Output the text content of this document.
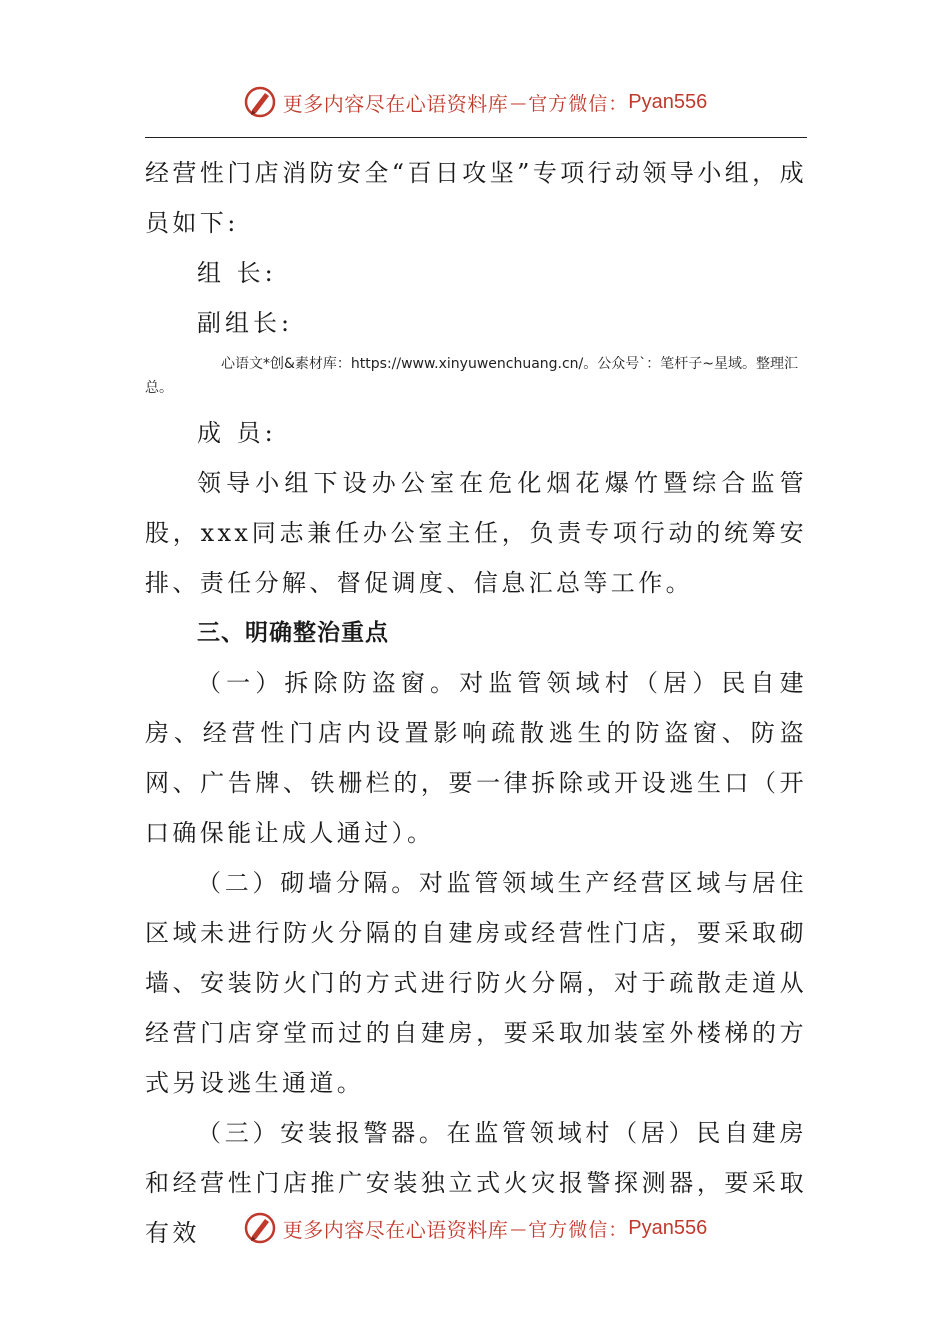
更多内容尽在心语资料库 — 官方微信： Pyan556

经营性门店消防安全“百日攻坚”专项行动领导小组，成员如下:

组 长:

副组长:

心语文*创&素材库：https://www.xinyuwenchuang.cn/。公众号`：笔杆子~星域。整理汇总。

成 员:

领导小组下设办公室在危化烟花爆竹暨综合监管股，xxx同志兼任办公室主任，负责专项行动的统筹安排、责任分解、督促调度、信息汇总等工作。

三、明确整治重点

（一）拆除防盗窗。对监管领域村（居）民自建房、经营性门店内设置影响疏散逃生的防盗窗、防盗网、广告牌、铁栅栏的，要一律拆除或开设逃生口（开口确保能让成人通过）。

（二）砌墙分隔。对监管领域生产经营区域与居住区域未进行防火分隔的自建房或经营性门店，要采取砌墙、安装防火门的方式进行防火分隔，对于疏散走道从经营门店穿堂而过的自建房，要采取加装室外楼梯的方式另设逃生通道。

（三）安装报警器。在监管领域村（居）民自建房和经营性门店推广安装独立式火灾报警探测器，要采取有效	更多内容尽在心语资料库 — 官方微信： Pyan556
